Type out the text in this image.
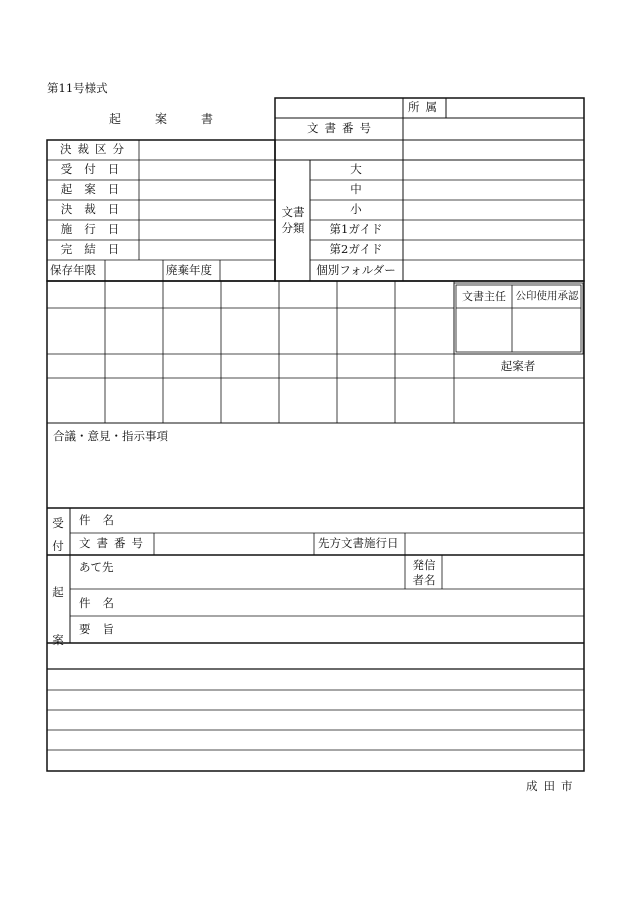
第11号様式
起案書
所属
文書番号
決裁区分
受付日
起案日
決裁日
施行日
完結日
保存年限	廃棄年度
文書
分類
大
中
小
第1ガイド
第2ガイド
個別フォルダー
文書主任 公印使用承認
起案者
合議・意見・指示事項
受付
件名
文書番号	先方文書施行日
起案
あて先	発信
者名
件名
要旨
成田市
